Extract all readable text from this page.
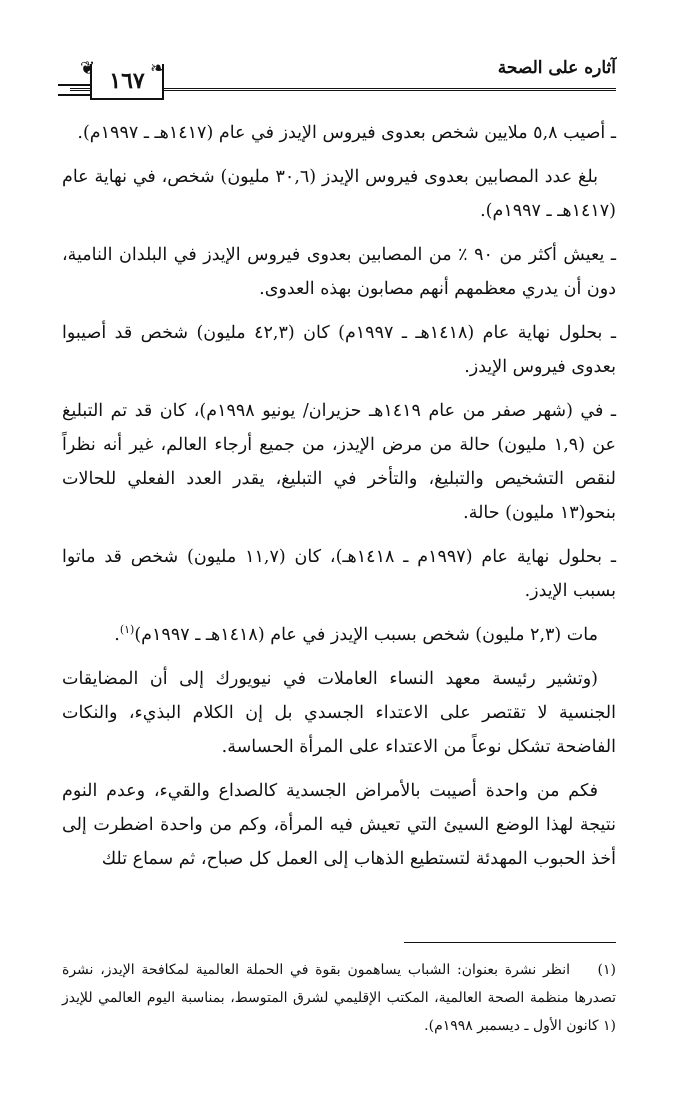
آثاره على الصحة
١٦٧
❦	❧

ـ أصيب ٥,٨ ملايين شخص بعدوى فيروس الإيدز في عام (١٤١٧هـ ـ ١٩٩٧م).

بلغ عدد المصابين بعدوى فيروس الإيدز (٣٠,٦ مليون) شخص، في نهاية عام (١٤١٧هـ ـ ١٩٩٧م).

ـ يعيش أكثر من ٩٠ ٪ من المصابين بعدوى فيروس الإيدز في البلدان النامية، دون أن يدري معظمهم أنهم مصابون بهذه العدوى.

ـ بحلول نهاية عام (١٤١٨هـ ـ ١٩٩٧م) كان (٤٢,٣ مليون) شخص قد أصيبوا بعدوى فيروس الإيدز.

ـ في (شهر صفر من عام ١٤١٩هـ حزيران/ يونيو ١٩٩٨م)، كان قد تم التبليغ عن (١,٩ مليون) حالة من مرض الإيدز، من جميع أرجاء العالم، غير أنه نظراً لنقص التشخيص والتبليغ، والتأخر في التبليغ، يقدر العدد الفعلي للحالات بنحو(١٣ مليون) حالة.

ـ بحلول نهاية عام (١٩٩٧م ـ ١٤١٨هـ)، كان (١١,٧ مليون) شخص قد ماتوا بسبب الإيدز.

مات (٢,٣ مليون) شخص بسبب الإيدز في عام (١٤١٨هـ ـ ١٩٩٧م)$^{(١)}$.

(وتشير رئيسة معهد النساء العاملات في نيويورك إلى أن المضايقات الجنسية لا تقتصر على الاعتداء الجسدي بل إن الكلام البذيء، والنكات الفاضحة تشكل نوعاً من الاعتداء على المرأة الحساسة.

فكم من واحدة أصيبت بالأمراض الجسدية كالصداع والقيء، وعدم النوم نتيجة لهذا الوضع السيئ التي تعيش فيه المرأة، وكم من واحدة اضطرت إلى أخذ الحبوب المهدئة لتستطيع الذهاب إلى العمل كل صباح، ثم سماع تلك

(١)انظر نشرة بعنوان: الشباب يساهمون بقوة في الحملة العالمية لمكافحة الإيدز، نشرة تصدرها منظمة الصحة العالمية، المكتب الإقليمي لشرق المتوسط، بمناسبة اليوم العالمي للإيدز (١ كانون الأول ـ ديسمبر ١٩٩٨م).
